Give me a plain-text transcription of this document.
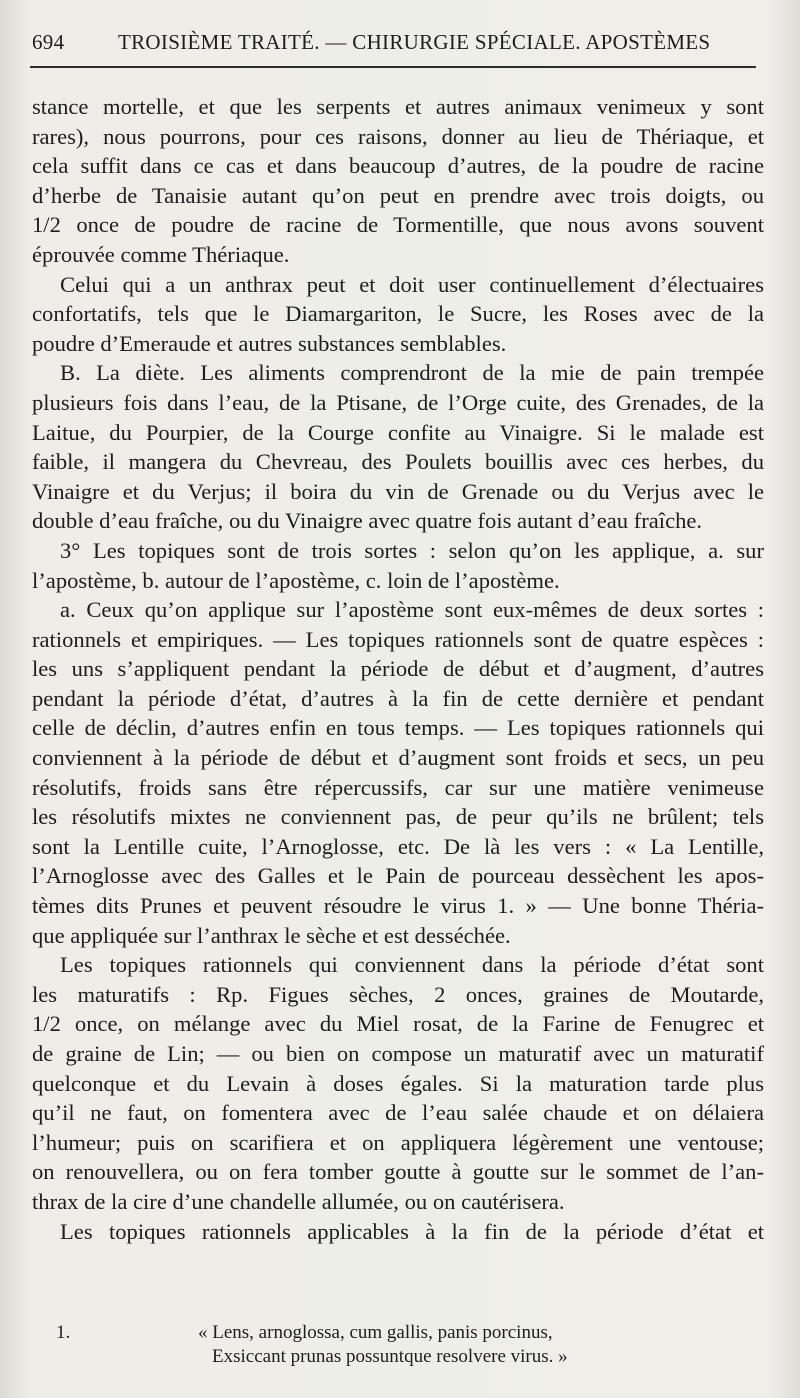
694	TROISIÈME TRAITÉ. — CHIRURGIE SPÉCIALE. APOSTÈMES

stance mortelle, et que les serpents et autres animaux venimeux y sont

rares), nous pourrons, pour ces raisons, donner au lieu de Thériaque, et

cela suffit dans ce cas et dans beaucoup d’autres, de la poudre de racine

d’herbe de Tanaisie autant qu’on peut en prendre avec trois doigts, ou

1/2 once de poudre de racine de Tormentille, que nous avons souvent

éprouvée comme Thériaque.

Celui qui a un anthrax peut et doit user continuellement d’électuaires

confortatifs, tels que le Diamargariton, le Sucre, les Roses avec de la

poudre d’Emeraude et autres substances semblables.

B. La diète. Les aliments comprendront de la mie de pain trempée

plusieurs fois dans l’eau, de la Ptisane, de l’Orge cuite, des Grenades, de la

Laitue, du Pourpier, de la Courge confite au Vinaigre. Si le malade est

faible, il mangera du Chevreau, des Poulets bouillis avec ces herbes, du

Vinaigre et du Verjus; il boira du vin de Grenade ou du Verjus avec le

double d’eau fraîche, ou du Vinaigre avec quatre fois autant d’eau fraîche.

3° Les topiques sont de trois sortes : selon qu’on les applique, a. sur

l’apostème, b. autour de l’apostème, c. loin de l’apostème.

a. Ceux qu’on applique sur l’apostème sont eux-mêmes de deux sortes :

rationnels et empiriques. — Les topiques rationnels sont de quatre espèces :

les uns s’appliquent pendant la période de début et d’augment, d’autres

pendant la période d’état, d’autres à la fin de cette dernière et pendant

celle de déclin, d’autres enfin en tous temps. — Les topiques rationnels qui

conviennent à la période de début et d’augment sont froids et secs, un peu

résolutifs, froids sans être répercussifs, car sur une matière venimeuse

les résolutifs mixtes ne conviennent pas, de peur qu’ils ne brûlent; tels

sont la Lentille cuite, l’Arnoglosse, etc. De là les vers : « La Lentille,

l’Arnoglosse avec des Galles et le Pain de pourceau dessèchent les apos-

tèmes dits Prunes et peuvent résoudre le virus 1. » — Une bonne Théria-

que appliquée sur l’anthrax le sèche et est desséchée.

Les topiques rationnels qui conviennent dans la période d’état sont

les maturatifs : Rp. Figues sèches, 2 onces, graines de Moutarde,

1/2 once, on mélange avec du Miel rosat, de la Farine de Fenugrec et

de graine de Lin; — ou bien on compose un maturatif avec un maturatif

quelconque et du Levain à doses égales. Si la maturation tarde plus

qu’il ne faut, on fomentera avec de l’eau salée chaude et on délaiera

l’humeur; puis on scarifiera et on appliquera légèrement une ventouse;

on renouvellera, ou on fera tomber goutte à goutte sur le sommet de l’an-

thrax de la cire d’une chandelle allumée, ou on cautérisera.

Les topiques rationnels applicables à la fin de la période d’état et

1.	« Lens, arnoglossa, cum gallis, panis porcinus,
Exsiccant prunas possuntque resolvere virus. »
